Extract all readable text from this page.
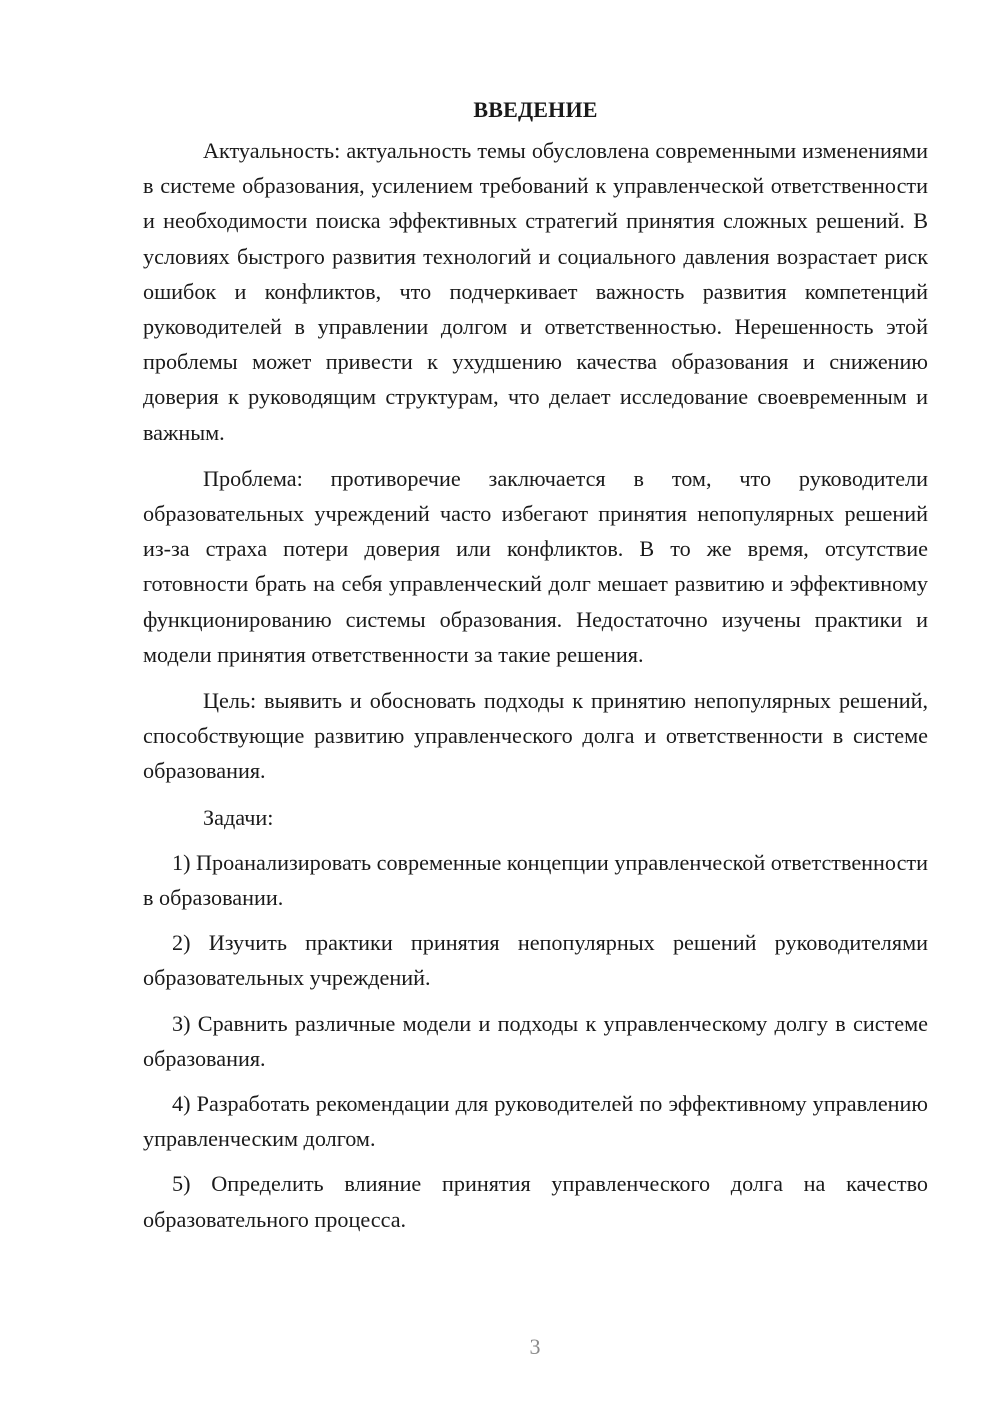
ВВЕДЕНИЕ

Актуальность: актуальность темы обусловлена современными изменениями в системе образования, усилением требований к управленческой ответственности и необходимости поиска эффективных стратегий принятия сложных решений. В условиях быстрого развития технологий и социального давления возрастает риск ошибок и конфликтов, что подчеркивает важность развития компетенций руководителей в управлении долгом и ответственностью. Нерешенность этой проблемы может привести к ухудшению качества образования и снижению доверия к руководящим структурам, что делает исследование своевременным и важным.

Проблема: противоречие заключается в том, что руководители образовательных учреждений часто избегают принятия непопулярных решений из-за страха потери доверия или конфликтов. В то же время, отсутствие готовности брать на себя управленческий долг мешает развитию и эффективному функционированию системы образования. Недостаточно изучены практики и модели принятия ответственности за такие решения.

Цель: выявить и обосновать подходы к принятию непопулярных решений, способствующие развитию управленческого долга и ответственности в системе образования.

Задачи:

1) Проанализировать современные концепции управленческой ответственности в образовании.

2) Изучить практики принятия непопулярных решений руководителями образовательных учреждений.

3) Сравнить различные модели и подходы к управленческому долгу в системе образования.

4) Разработать рекомендации для руководителей по эффективному управлению управленческим долгом.

5) Определить влияние принятия управленческого долга на качество образовательного процесса.

3
